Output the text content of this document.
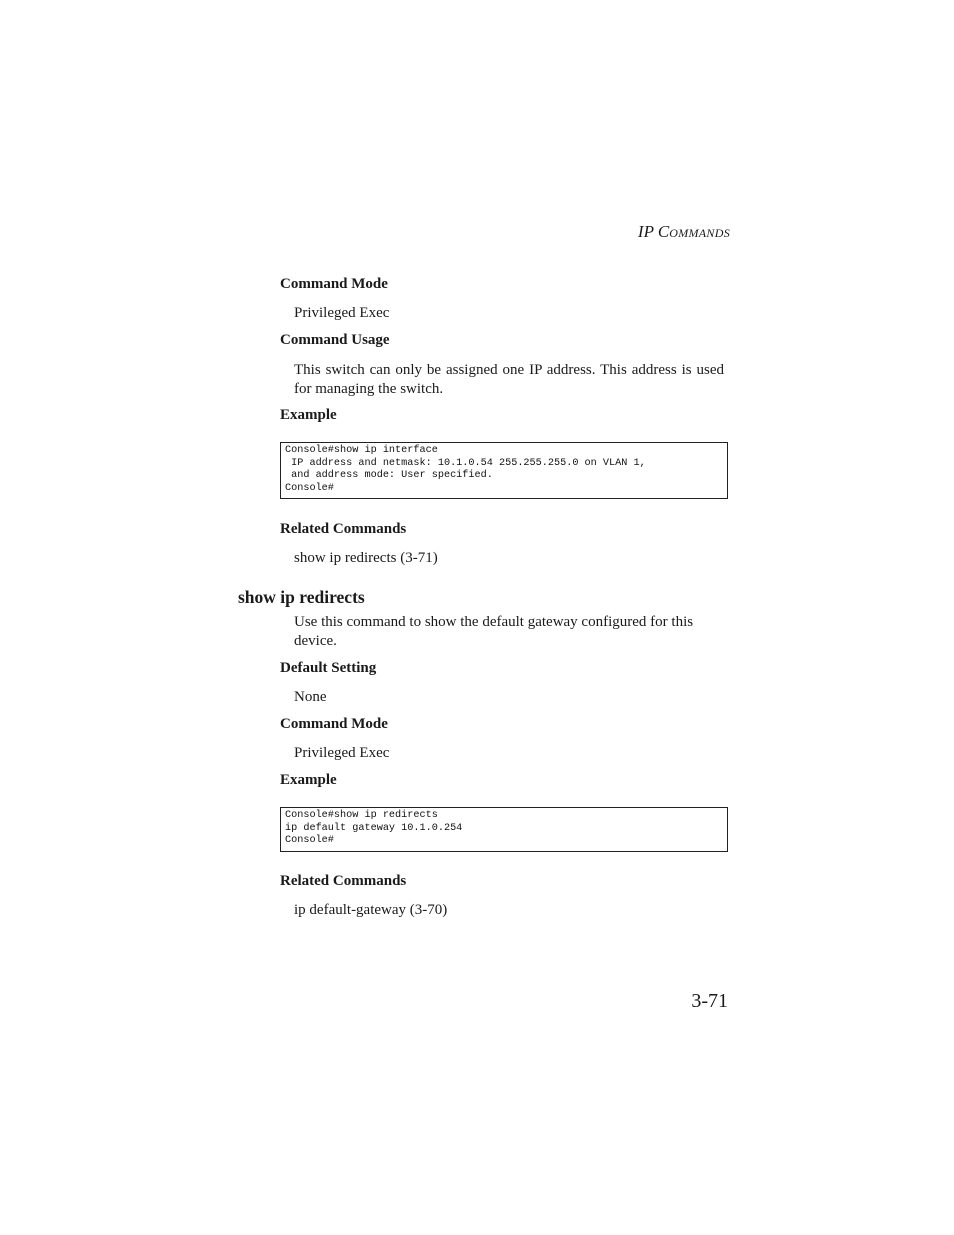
IP COMMANDS
Command Mode
Privileged Exec
Command Usage
This switch can only be assigned one IP address. This address is used for managing the switch.
Example
Console#show ip interface
IP address and netmask: 10.1.0.54 255.255.255.0 on VLAN 1,
and address mode: User specified.
Console#
Related Commands
show ip redirects (3-71)
show ip redirects
Use this command to show the default gateway configured for this device.
Default Setting
None
Command Mode
Privileged Exec
Example
Console#show ip redirects
ip default gateway 10.1.0.254
Console#
Related Commands
ip default-gateway (3-70)
3-71
